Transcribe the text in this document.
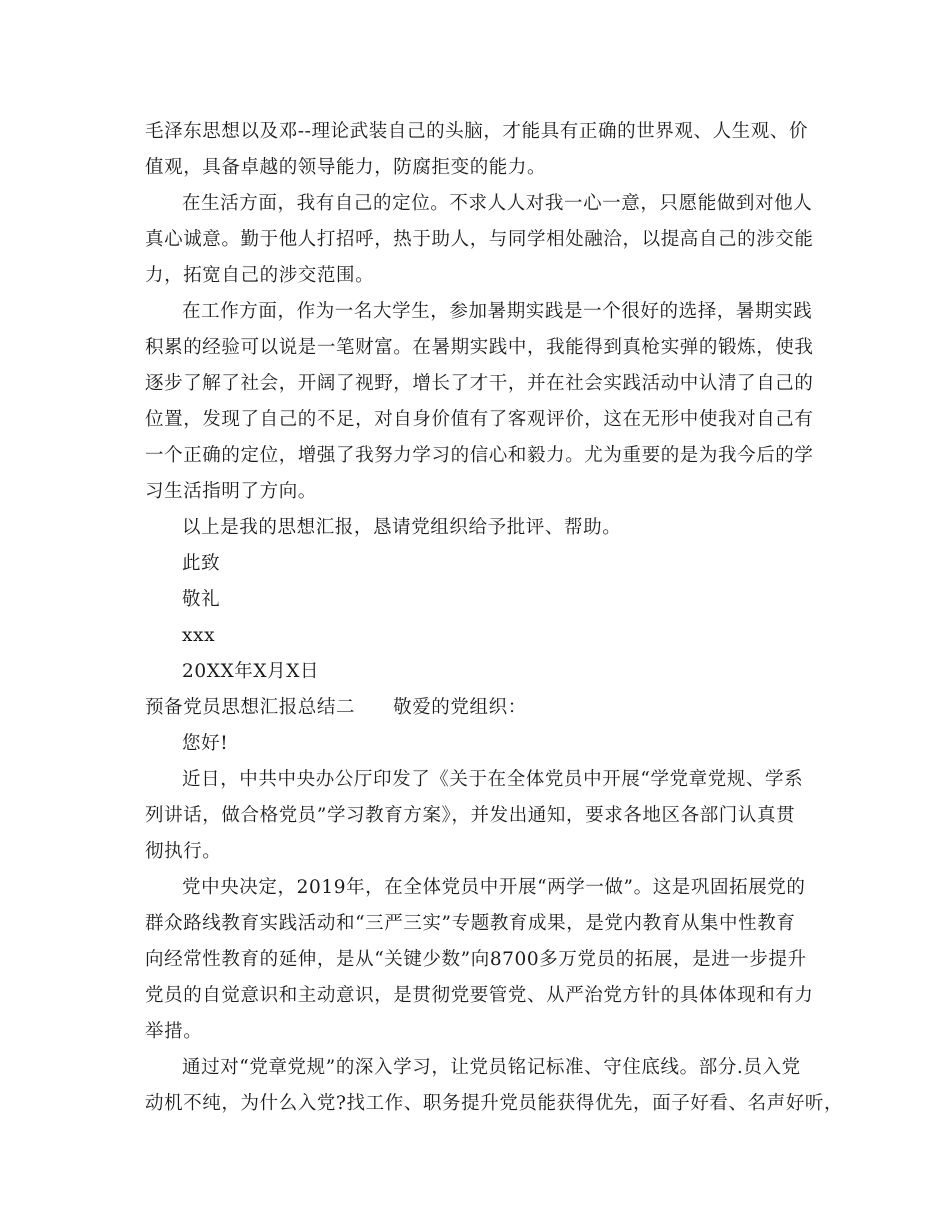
毛泽东思想以及邓--理论武装自己的头脑，才能具有正确的世界观、人生观、价
值观，具备卓越的领导能力，防腐拒变的能力。
在生活方面，我有自己的定位。不求人人对我一心一意，只愿能做到对他人
真心诚意。勤于他人打招呼，热于助人，与同学相处融洽，以提高自己的涉交能
力，拓宽自己的涉交范围。
在工作方面，作为一名大学生，参加暑期实践是一个很好的选择，暑期实践
积累的经验可以说是一笔财富。在暑期实践中，我能得到真枪实弹的锻炼，使我
逐步了解了社会，开阔了视野，增长了才干，并在社会实践活动中认清了自己的
位置，发现了自己的不足，对自身价值有了客观评价，这在无形中使我对自己有
一个正确的定位，增强了我努力学习的信心和毅力。尤为重要的是为我今后的学
习生活指明了方向。
以上是我的思想汇报，恳请党组织给予批评、帮助。
此致
敬礼
xxx
20XX年X月X日
预备党员思想汇报总结二 敬爱的党组织：
您好!
近日，中共中央办公厅印发了《关于在全体党员中开展“学党章党规、学系
列讲话，做合格党员”学习教育方案》，并发出通知，要求各地区各部门认真贯
彻执行。
党中央决定，2019年，在全体党员中开展“两学一做”。这是巩固拓展党的
群众路线教育实践活动和“三严三实”专题教育成果，是党内教育从集中性教育
向经常性教育的延伸，是从“关键少数”向8700多万党员的拓展，是进一步提升
党员的自觉意识和主动意识，是贯彻党要管党、从严治党方针的具体体现和有力
举措。
通过对“党章党规”的深入学习，让党员铭记标准、守住底线。部分.员入党
动机不纯，为什么入党?找工作、职务提升党员能获得优先，面子好看、名声好听，
